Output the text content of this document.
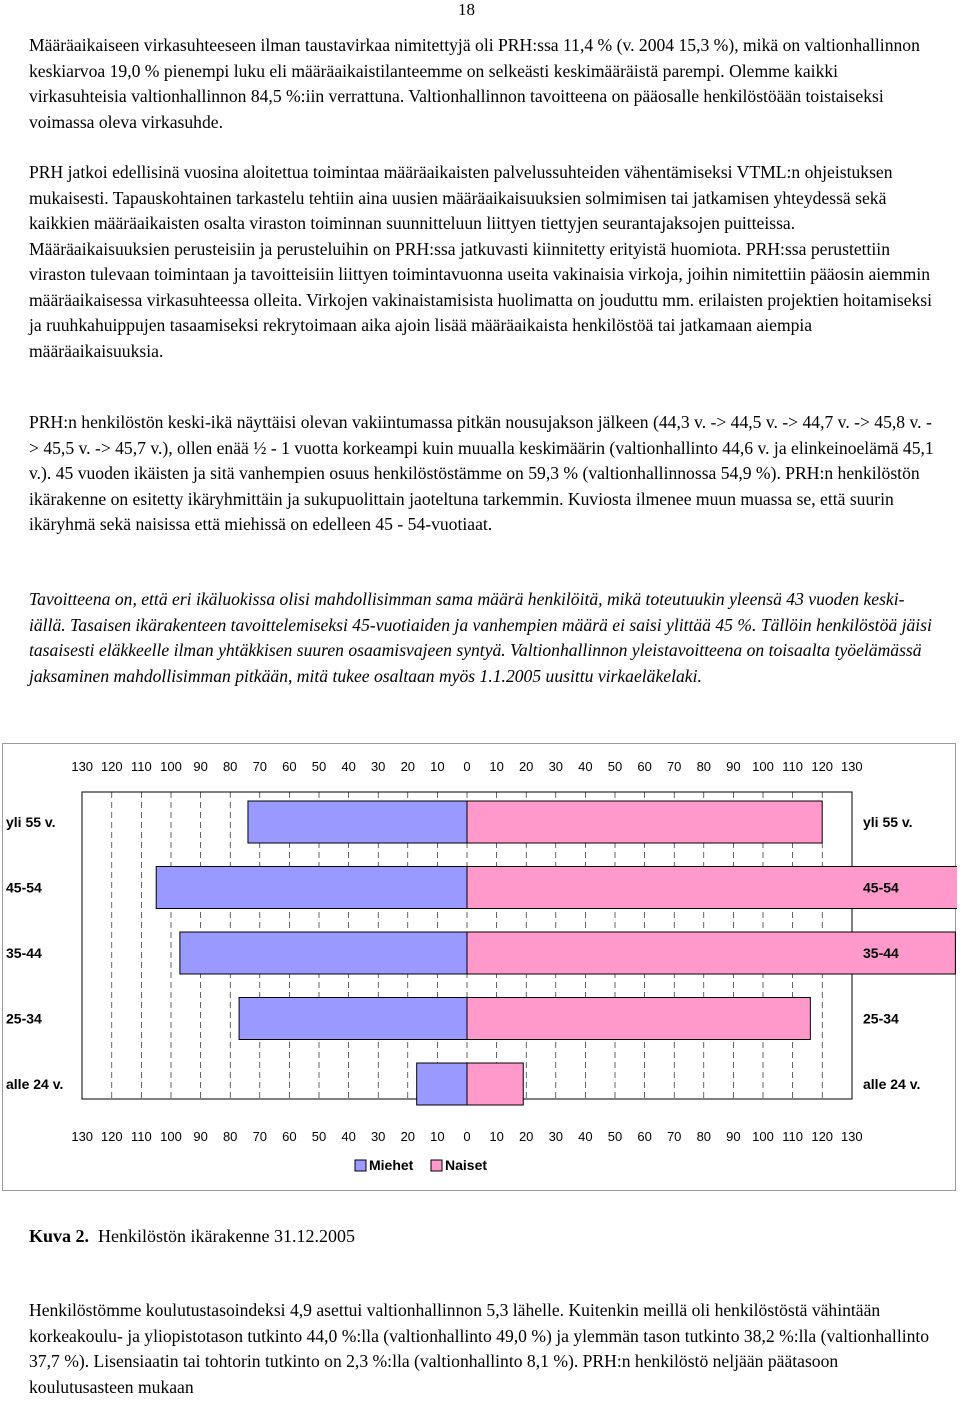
18

Määräaikaiseen virkasuhteeseen ilman taustavirkaa nimitettyjä oli PRH:ssa 11,4 % (v. 2004 15,3 %), mikä on valtionhallinnon keskiarvoa 19,0 % pienempi luku eli määräaikaistilanteemme on selkeästi keskimääräistä parempi. Olemme kaikki virkasuhteisia valtionhallinnon 84,5 %:iin verrattuna. Valtionhallinnon tavoitteena on pääosalle henkilöstöään toistaiseksi voimassa oleva virkasuhde.

PRH jatkoi edellisinä vuosina aloitettua toimintaa määräaikaisten palvelussuhteiden vähentämiseksi VTML:n ohjeistuksen mukaisesti. Tapauskohtainen tarkastelu tehtiin aina uusien määräaikaisuuksien solmimisen tai jatkamisen yhteydessä sekä kaikkien määräaikaisten osalta viraston toiminnan suunnitteluun liittyen tiettyjen seurantajaksojen puitteissa. Määräaikaisuuksien perusteisiin ja perusteluihin on PRH:ssa jatkuvasti kiinnitetty erityistä huomiota. PRH:ssa perustettiin viraston tulevaan toimintaan ja tavoitteisiin liittyen toimintavuonna useita vakinaisia virkoja, joihin nimitettiin pääosin aiemmin määräaikaisessa virkasuhteessa olleita. Virkojen vakinaistamisista huolimatta on jouduttu mm. erilaisten projektien hoitamiseksi ja ruuhkahuippujen tasaamiseksi rekrytoimaan aika ajoin lisää määräaikaista henkilöstöä tai jatkamaan aiempia määräaikaisuuksia.

PRH:n henkilöstön keski-ikä näyttäisi olevan vakiintumassa pitkän nousujakson jälkeen (44,3 v. -> 44,5 v. -> 44,7 v. -> 45,8 v. -> 45,5 v. -> 45,7 v.), ollen enää ½ - 1 vuotta korkeampi kuin muualla keskimäärin (valtionhallinto 44,6 v. ja elinkeinoelämä 45,1 v.). 45 vuoden ikäisten ja sitä vanhempien osuus henkilöstöstämme on 59,3 % (valtionhallinnossa 54,9 %). PRH:n henkilöstön ikärakenne on esitetty ikäryhmittäin ja sukupuolittain jaoteltuna tarkemmin. Kuviosta ilmenee muun muassa se, että suurin ikäryhmä sekä naisissa että miehissä on edelleen 45 - 54-vuotiaat.

Tavoitteena on, että eri ikäluokissa olisi mahdollisimman sama määrä henkilöitä, mikä toteutuukin yleensä 43 vuoden keski-iällä. Tasaisen ikärakenteen tavoittelemiseksi 45-vuotiaiden ja vanhempien määrä ei saisi ylittää 45 %. Tällöin henkilöstöä jäisi tasaisesti eläkkeelle ilman yhtäkkisen suuren osaamisvajeen syntyä. Valtionhallinnon yleistavoitteena on toisaalta työelämässä jaksaminen mahdollisimman pitkään, mitä tukee osaltaan myös 1.1.2005 uusittu virkaeläkelaki.

130
130
120
120
110
110
100
100
90
90
80
80
70
70
60
60
50
50
40
40
30
30
20
20
10
10
0
0
10
10
20
20
30
30
40
40
50
50
60
60
70
70
80
80
90
90
100
100
110
110
120
120
130
130
yli 55 v.	yli 55 v.
45-54	45-54
35-44	35-44
25-34	25-34
alle 24 v.	alle 24 v.
Miehet Naiset
Kuva 2. Henkilöstön ikärakenne 31.12.2005

Henkilöstömme koulutustasoindeksi 4,9 asettui valtionhallinnon 5,3 lähelle. Kuitenkin meillä oli henkilöstöstä vähintään korkeakoulu- ja yliopistotason tutkinto 44,0 %:lla (valtionhallinto 49,0 %) ja ylemmän tason tutkinto 38,2 %:lla (valtionhallinto 37,7 %). Lisensiaatin tai tohtorin tutkinto on 2,3 %:lla (valtionhallinto 8,1 %). PRH:n henkilöstö neljään päätasoon koulutusasteen mukaan
